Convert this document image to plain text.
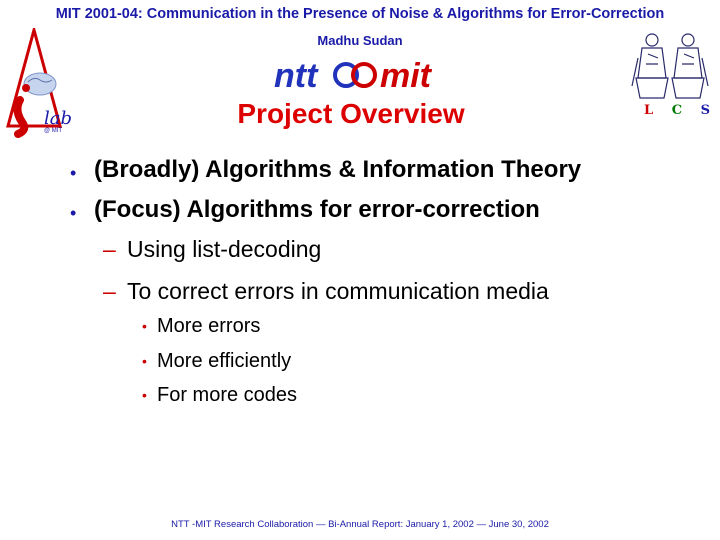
MIT 2001-04: Communication in the Presence of Noise & Algorithms for Error-Correction
Madhu Sudan
lab
@ MIT
ntt mit
L C S
Project Overview
• (Broadly) Algorithms & Information Theory
• (Focus) Algorithms for error-correction
– Using list-decoding
– To correct errors in communication media
• More errors
• More efficiently
• For more codes
NTT -MIT Research Collaboration — Bi-Annual Report: January 1, 2002 — June 30, 2002
